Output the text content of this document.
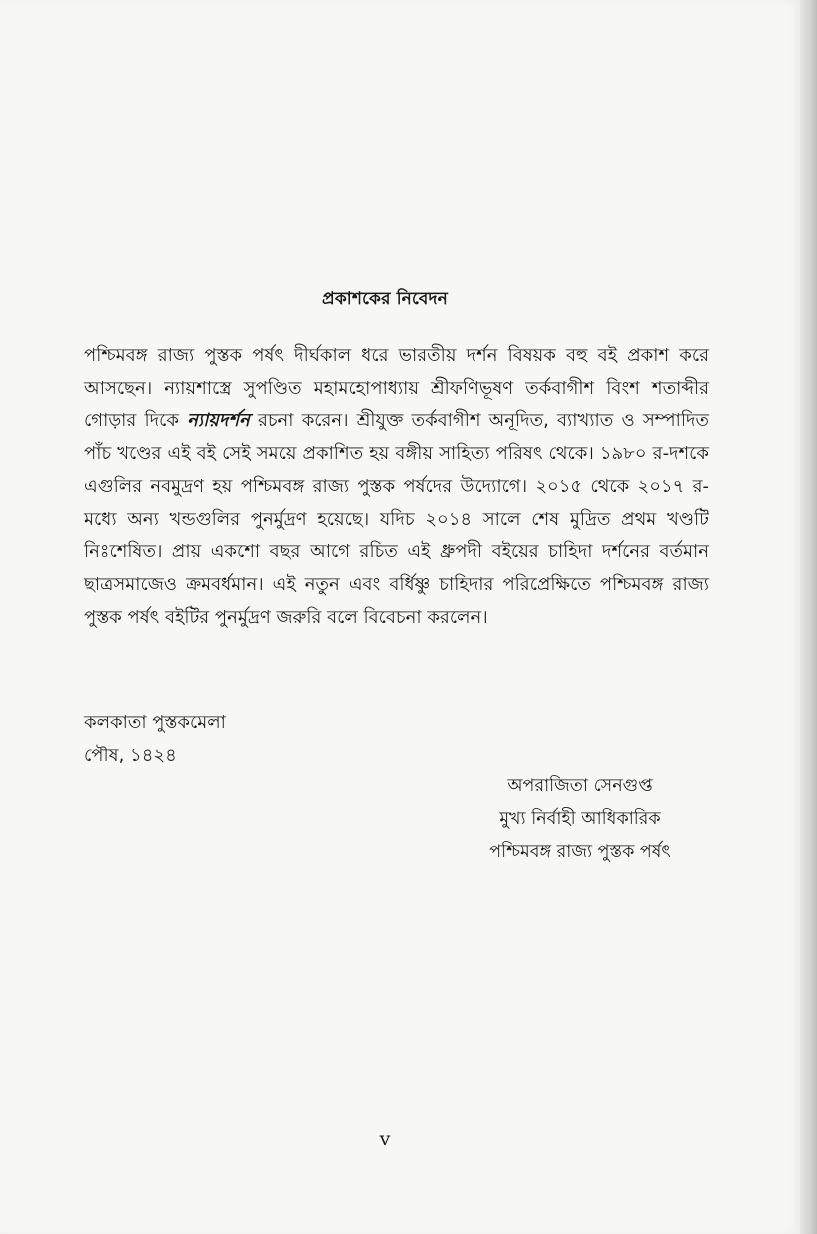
প্রকাশকের নিবেদন

পশ্চিমবঙ্গ রাজ্য পুস্তক পর্ষৎ দীর্ঘকাল ধরে ভারতীয় দর্শন বিষয়ক বহু বই প্রকাশ করে আসছেন। ন্যায়শাস্ত্রে সুপণ্ডিত মহামহোপাধ্যায় শ্রীফণিভূষণ তর্কবাগীশ বিংশ শতাব্দীর গোড়ার দিকে ন্যায়দর্শন রচনা করেন। শ্রীযুক্ত তর্কবাগীশ অনূদিত, ব্যাখ্যাত ও সম্পাদিত পাঁচ খণ্ডের এই বই সেই সময়ে প্রকাশিত হয় বঙ্গীয় সাহিত্য পরিষৎ থেকে। ১৯৮০ র-দশকে এগুলির নবমুদ্রণ হয় পশ্চিমবঙ্গ রাজ্য পুস্তক পর্ষদের উদ্যোগে। ২০১৫ থেকে ২০১৭ র- মধ্যে অন্য খন্ডগুলির পুনর্মুদ্রণ হয়েছে। যদিচ ২০১৪ সালে শেষ মুদ্রিত প্রথম খণ্ডটি নিঃশেষিত। প্রায় একশো বছর আগে রচিত এই ধ্রুপদী বইয়ের চাহিদা দর্শনের বর্তমান ছাত্রসমাজেও ক্রমবর্ধমান। এই নতুন এবং বর্ধিষ্ণু চাহিদার পরিপ্রেক্ষিতে পশ্চিমবঙ্গ রাজ্য পুস্তক পর্ষৎ বইটির পুনর্মুদ্রণ জরুরি বলে বিবেচনা করলেন।

কলকাতা পুস্তকমেলা
পৌষ, ১৪২৪
অপরাজিতা সেনগুপ্ত
মুখ্য নির্বাহী আধিকারিক
পশ্চিমবঙ্গ রাজ্য পুস্তক পর্ষৎ
v
